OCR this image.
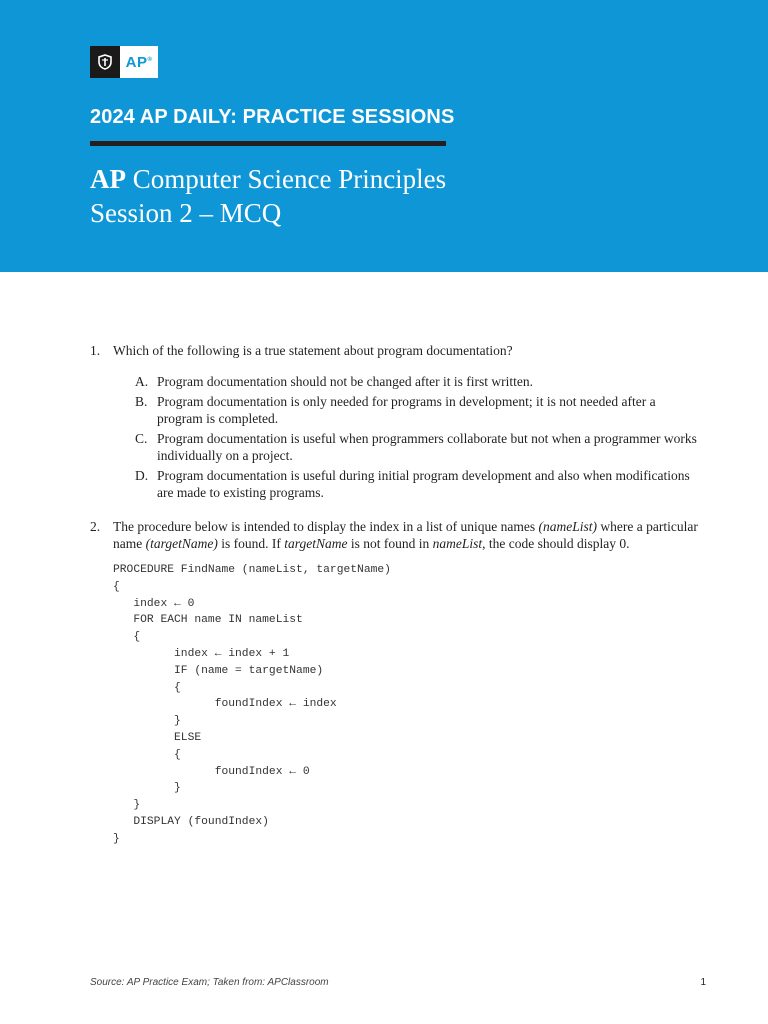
AP®
2024 AP DAILY: PRACTICE SESSIONS
AP Computer Science Principles
Session 2 – MCQ
1. Which of the following is a true statement about program documentation?
A. Program documentation should not be changed after it is first written.
B. Program documentation is only needed for programs in development; it is not needed after a program is completed.
C. Program documentation is useful when programmers collaborate but not when a programmer works individually on a project.
D. Program documentation is useful during initial program development and also when modifications are made to existing programs.
2. The procedure below is intended to display the index in a list of unique names (nameList) where a particular name (targetName) is found. If targetName is not found in nameList, the code should display 0.
PROCEDURE FindName (nameList, targetName)
{
index ← 0
FOR EACH name IN nameList
{
index ← index + 1
IF (name = targetName)
{
foundIndex ← index
}
ELSE
{
foundIndex ← 0
}
}
DISPLAY (foundIndex)
}
Source: AP Practice Exam; Taken from: APClassroom	1
